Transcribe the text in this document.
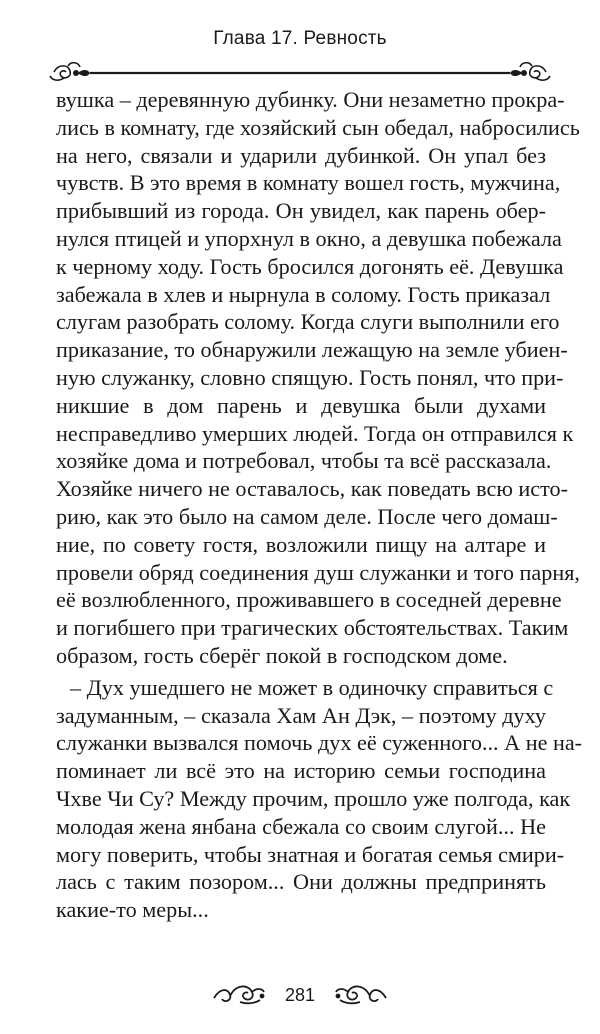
Глава 17. Ревность
вушка – деревянную дубинку. Они незаметно прокра-
лись в комнату, где хозяйский сын обедал, набросились
на него, связали и ударили дубинкой. Он упал без
чувств. В это время в комнату вошел гость, мужчина,
прибывший из города. Он увидел, как парень обер-
нулся птицей и упорхнул в окно, а девушка побежала
к черному ходу. Гость бросился догонять её. Девушка
забежала в хлев и нырнула в солому. Гость приказал
слугам разобрать солому. Когда слуги выполнили его
приказание, то обнаружили лежащую на земле убиен-
ную служанку, словно спящую. Гость понял, что при-
никшие в дом парень и девушка были духами
несправедливо умерших людей. Тогда он отправился к
хозяйке дома и потребовал, чтобы та всё рассказала.
Хозяйке ничего не оставалось, как поведать всю исто-
рию, как это было на самом деле. После чего домаш-
ние, по совету гостя, возложили пищу на алтаре и
провели обряд соединения душ служанки и того парня,
её возлюбленного, проживавшего в соседней деревне
и погибшего при трагических обстоятельствах. Таким
образом, гость сберёг покой в господском доме.
– Дух ушедшего не может в одиночку справиться с
задуманным, – сказала Хам Ан Дэк, – поэтому духу
служанки вызвался помочь дух её суженного... А не на-
поминает ли всё это на историю семьи господина
Чхве Чи Су? Между прочим, прошло уже полгода, как
молодая жена янбана сбежала со своим слугой... Не
могу поверить, чтобы знатная и богатая семья смири-
лась с таким позором... Они должны предпринять
какие-то меры...
281
